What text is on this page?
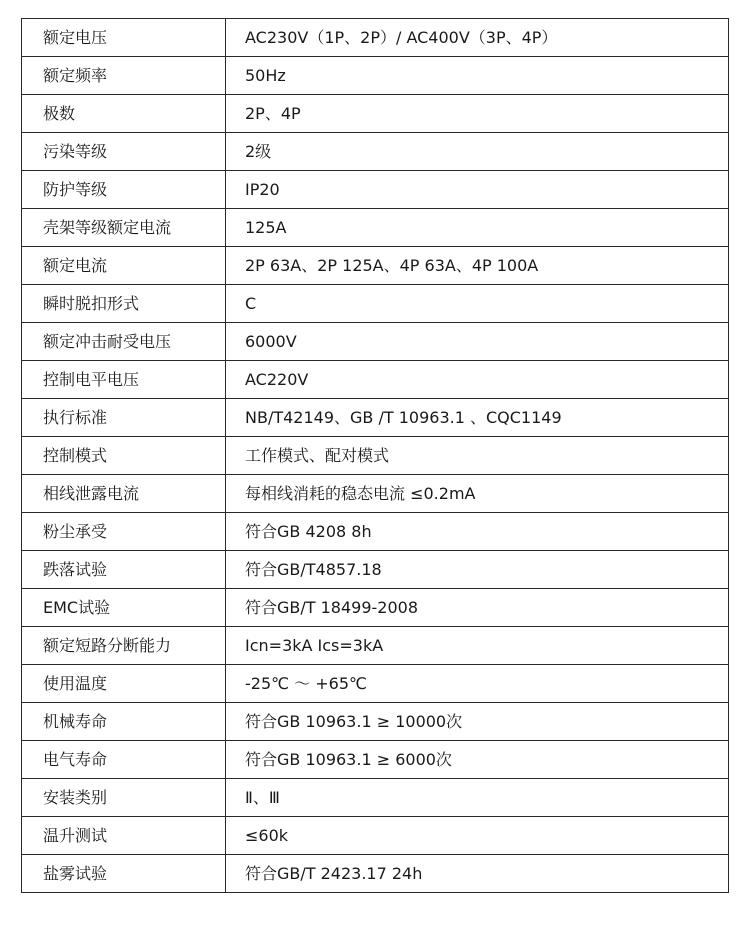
额定电压	AC230V（1P、2P）/ AC400V（3P、4P）
额定频率	50Hz
极数	2P、4P
污染等级	2级
防护等级	IP20
壳架等级额定电流	125A
额定电流	2P 63A、2P 125A、4P 63A、4P 100A
瞬时脱扣形式	C
额定冲击耐受电压	6000V
控制电平电压	AC220V
执行标准	NB/T42149、GB /T 10963.1 、CQC1149
控制模式	工作模式、配对模式
相线泄露电流	每相线消耗的稳态电流 ≤0.2mA
粉尘承受	符合GB 4208 8h
跌落试验	符合GB/T4857.18
EMC试验	符合GB/T 18499-2008
额定短路分断能力	Icn=3kA Ics=3kA
使用温度	-25℃ ～ +65℃
机械寿命	符合GB 10963.1 ≥ 10000次
电气寿命	符合GB 10963.1 ≥ 6000次
安装类别	Ⅱ、Ⅲ
温升测试	≤60k
盐雾试验	符合GB/T 2423.17 24h
